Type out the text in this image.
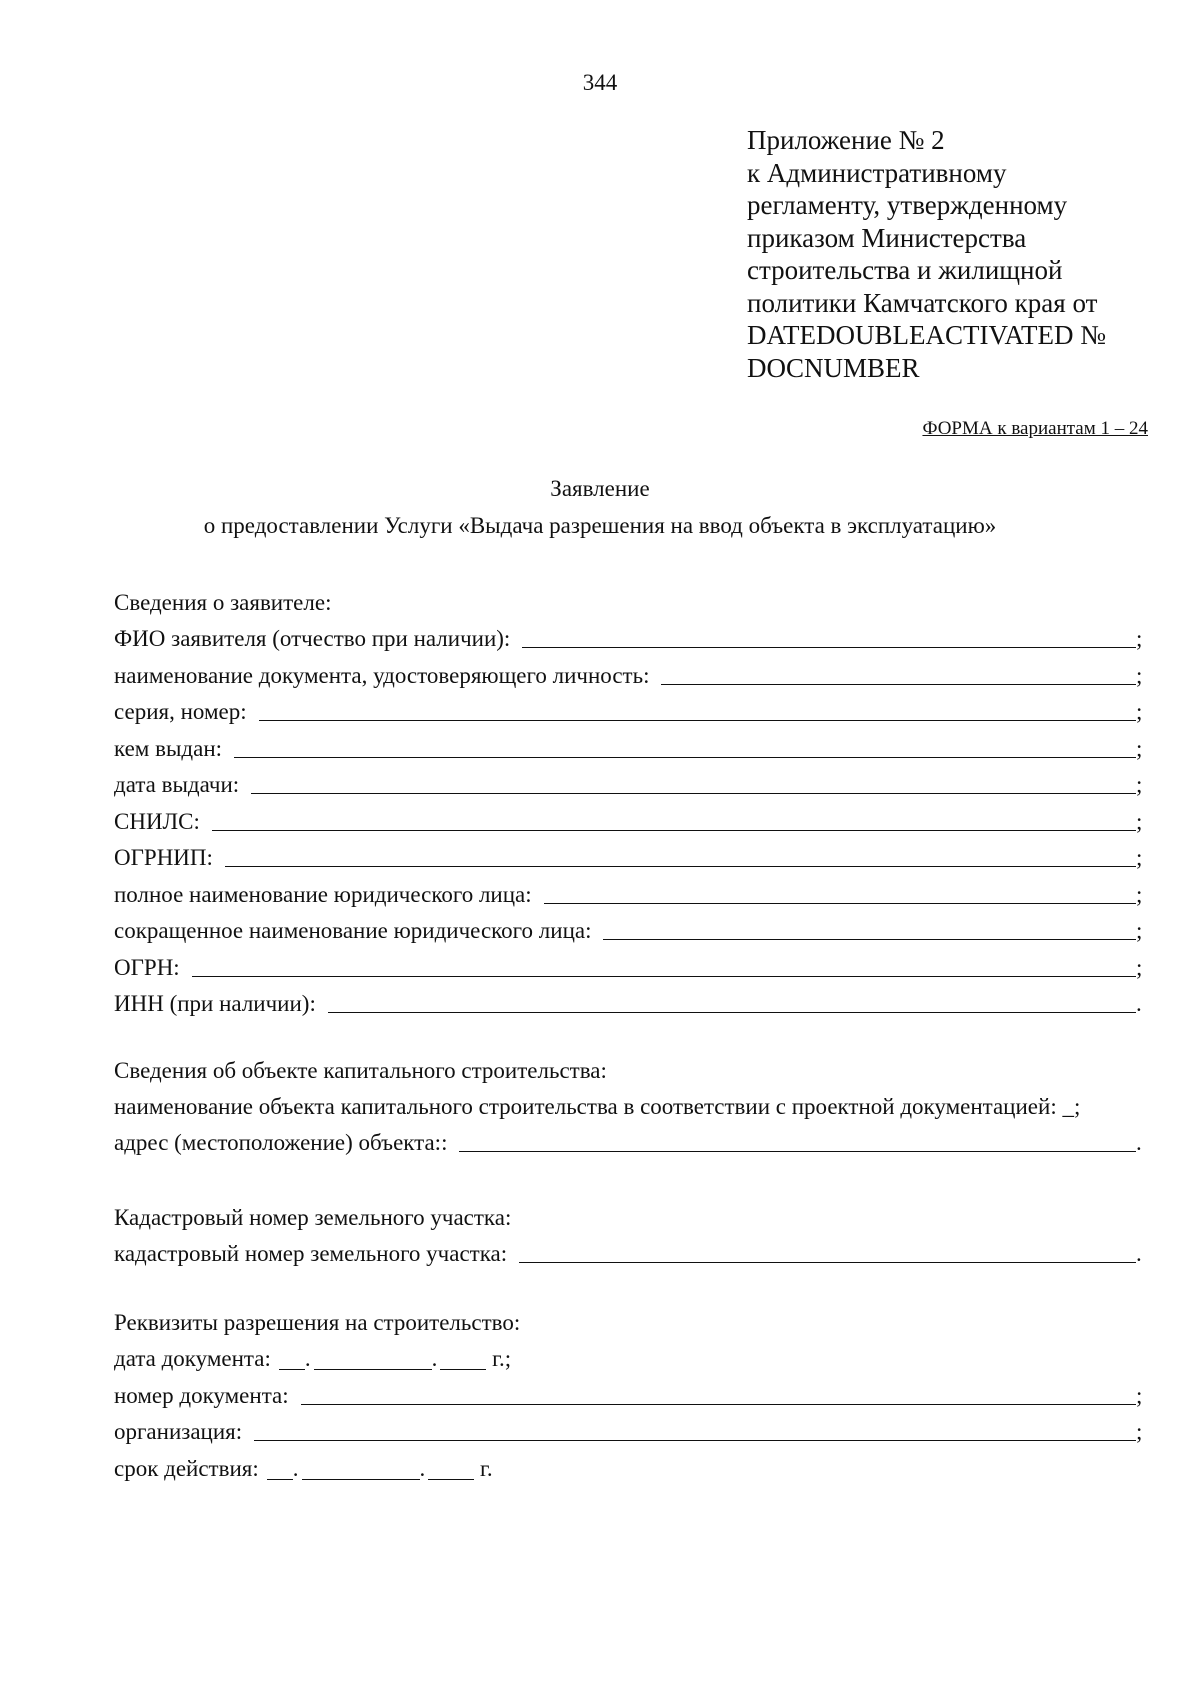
344
Приложение № 2
к Административному
регламенту, утвержденному
приказом Министерства
строительства и жилищной
политики Камчатского края от
DATEDOUBLEACTIVATED №
DOCNUMBER
ФОРМА к вариантам 1 – 24
Заявление
о предоставлении Услуги «Выдача разрешения на ввод объекта в эксплуатацию»
Сведения о заявителе:
ФИО заявителя (отчество при наличии):	;
наименование документа, удостоверяющего личность:	;
серия, номер:	;
кем выдан:	;
дата выдачи:	;
СНИЛС:	;
ОГРНИП:	;
полное наименование юридического лица:	;
сокращенное наименование юридического лица:	;
ОГРН:	;
ИНН (при наличии):	.
Сведения об объекте капитального строительства:
наименование объекта капитального строительства в соответствии с проектной документацией: _;
адрес (местоположение) объекта::	.
Кадастровый номер земельного участка:
кадастровый номер земельного участка:	.
Реквизиты разрешения на строительство:
дата документа: .	. г.;
номер документа:	;
организация:	;
срок действия: .	. г.
